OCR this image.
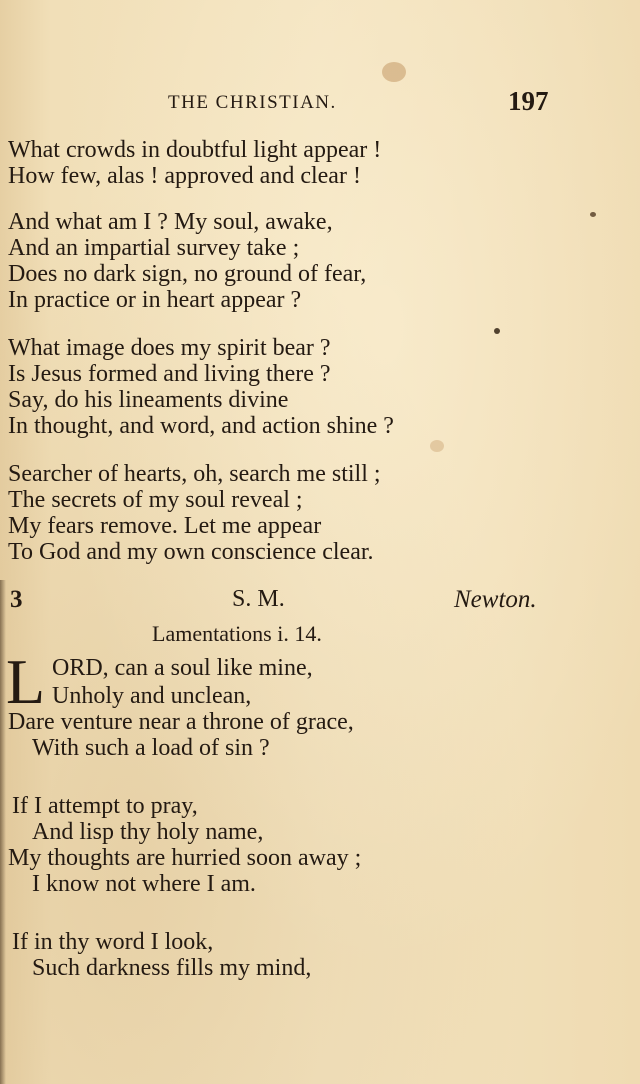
THE CHRISTIAN.	197
What crowds in doubtful light appear !
How few, alas ! approved and clear !
And what am I ? My soul, awake,
And an impartial survey take ;
Does no dark sign, no ground of fear,
In practice or in heart appear ?
What image does my spirit bear ?
Is Jesus formed and living there ?
Say, do his lineaments divine
In thought, and word, and action shine ?
Searcher of hearts, oh, search me still ;
The secrets of my soul reveal ;
My fears remove. Let me appear
To God and my own conscience clear.
3	S. M.	Newton.
Lamentations i. 14.
L ORD, can a soul like mine,
Unholy and unclean,
Dare venture near a throne of grace,
With such a load of sin ?
If I attempt to pray,
And lisp thy holy name,
My thoughts are hurried soon away ;
I know not where I am.
If in thy word I look,
Such darkness fills my mind,
